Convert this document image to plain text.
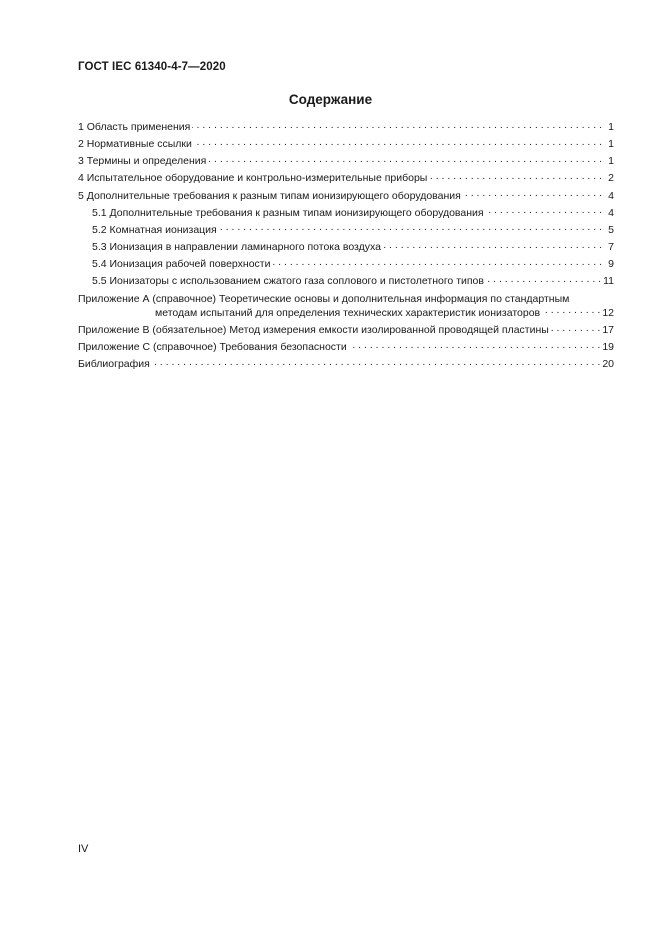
ГОСТ IEC 61340-4-7—2020
Содержание
1 Область применения . . .	1
2 Нормативные ссылки . . .	1
3 Термины и определения . . .	1
4 Испытательное оборудование и контрольно-измерительные приборы . . .	2
5 Дополнительные требования к разным типам ионизирующего оборудования . . .	4
5.1 Дополнительные требования к разным типам ионизирующего оборудования . . .	4
5.2 Комнатная ионизация . . .	5
5.3 Ионизация в направлении ламинарного потока воздуха . . .	7
5.4 Ионизация рабочей поверхности . . .	9
5.5 Ионизаторы с использованием сжатого газа соплового и пистолетного типов . . .	11
Приложение А (справочное) Теоретические основы и дополнительная информация по стандартным
методам испытаний для определения технических характеристик ионизаторов . . .	12
Приложение В (обязательное) Метод измерения емкости изолированной проводящей пластины . . .	17
Приложение С (справочное) Требования безопасности . . .	19
Библиография . . .	20
IV
